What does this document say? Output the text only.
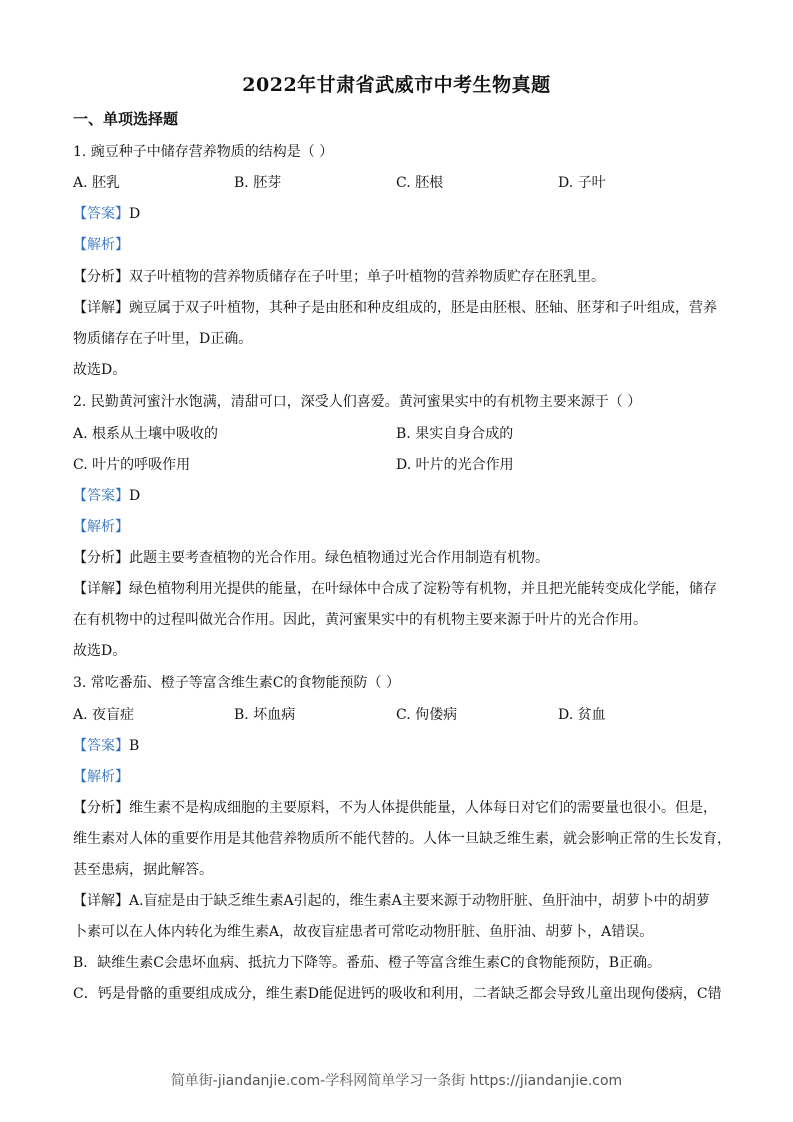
2022年甘肃省武威市中考生物真题
一、单项选择题
1. 豌豆种子中储存营养物质的结构是（ ）
A. 胚乳	B. 胚芽	C. 胚根	D. 子叶
【答案】D
【解析】
【分析】双子叶植物的营养物质储存在子叶里；单子叶植物的营养物质贮存在胚乳里。
【详解】豌豆属于双子叶植物，其种子是由胚和种皮组成的，胚是由胚根、胚轴、胚芽和子叶组成，营养
物质储存在子叶里，D正确。
故选D。
2. 民勤黄河蜜汁水饱满，清甜可口，深受人们喜爱。黄河蜜果实中的有机物主要来源于（ ）
A. 根系从土壤中吸收的	B. 果实自身合成的
C. 叶片的呼吸作用	D. 叶片的光合作用
【答案】D
【解析】
【分析】此题主要考查植物的光合作用。绿色植物通过光合作用制造有机物。
【详解】绿色植物利用光提供的能量，在叶绿体中合成了淀粉等有机物，并且把光能转变成化学能，储存
在有机物中的过程叫做光合作用。因此，黄河蜜果实中的有机物主要来源于叶片的光合作用。
故选D。
3. 常吃番茄、橙子等富含维生素C的食物能预防（ ）
A. 夜盲症	B. 坏血病	C. 佝偻病	D. 贫血
【答案】B
【解析】
【分析】维生素不是构成细胞的主要原料，不为人体提供能量，人体每日对它们的需要量也很小。但是，
维生素对人体的重要作用是其他营养物质所不能代替的。人体一旦缺乏维生素，就会影响正常的生长发育，
甚至患病，据此解答。
【详解】A.盲症是由于缺乏维生素A引起的，维生素A主要来源于动物肝脏、鱼肝油中，胡萝卜中的胡萝
卜素可以在人体内转化为维生素A，故夜盲症患者可常吃动物肝脏、鱼肝油、胡萝卜，A错误。
B．缺维生素C会患坏血病、抵抗力下降等。番茄、橙子等富含维生素C的食物能预防，B正确。
C．钙是骨骼的重要组成成分，维生素D能促进钙的吸收和利用，二者缺乏都会导致儿童出现佝偻病，C错
简单街-jiandanjie.com-学科网简单学习一条街 https://jiandanjie.com
